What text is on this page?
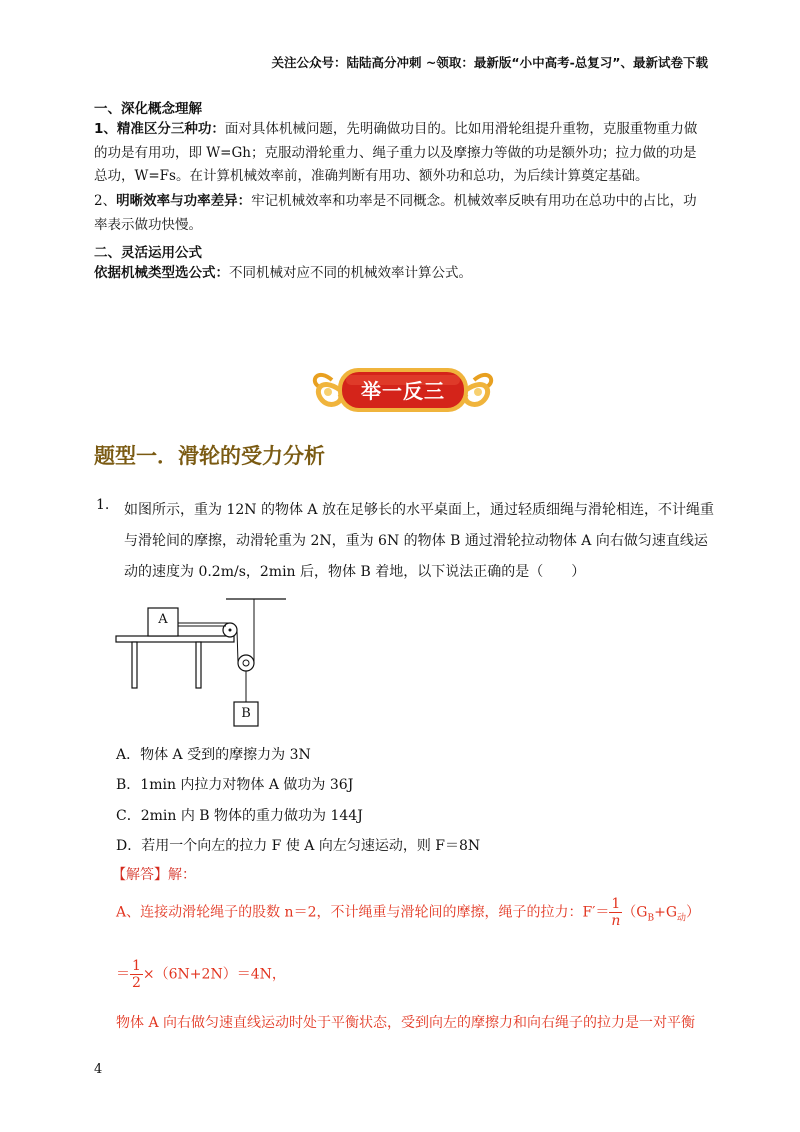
关注公众号：陆陆高分冲刺 ~领取：最新版“小中高考-总复习”、最新试卷下载
一、深化概念理解
1、精准区分三种功：面对具体机械问题，先明确做功目的。比如用滑轮组提升重物，克服重物重力做的功是有用功，即 W=Gh；克服动滑轮重力、绳子重力以及摩擦力等做的功是额外功；拉力做的功是总功，W=Fs。在计算机械效率前，准确判断有用功、额外功和总功，为后续计算奠定基础。
2、明晰效率与功率差异：牢记机械效率和功率是不同概念。机械效率反映有用功在总功中的占比，功率表示做功快慢。
二、灵活运用公式
依据机械类型选公式：不同机械对应不同的机械效率计算公式。
举一反三
题型一．滑轮的受力分析
1. 如图所示，重为 12N 的物体 A 放在足够长的水平桌面上，通过轻质细绳与滑轮相连，不计绳重与滑轮间的摩擦，动滑轮重为 2N，重为 6N 的物体 B 通过滑轮拉动物体 A 向右做匀速直线运动的速度为 0.2m/s，2min 后，物体 B 着地，以下说法正确的是（　　）
A
B
A．物体 A 受到的摩擦力为 3N
B．1min 内拉力对物体 A 做功为 36J
C．2min 内 B 物体的重力做功为 144J
D．若用一个向左的拉力 F 使 A 向左匀速运动，则 F＝8N
【解答】解：
A、连接动滑轮绳子的股数 n＝2，不计绳重与滑轮间的摩擦，绳子的拉力：$F'= \frac{1}{n} (G_B+G_动)$
＝ $\frac{1}{2} \times(6N+2N)=4N$，
物体 A 向右做匀速直线运动时处于平衡状态，受到向左的摩擦力和向右绳子的拉力是一对平衡
4
